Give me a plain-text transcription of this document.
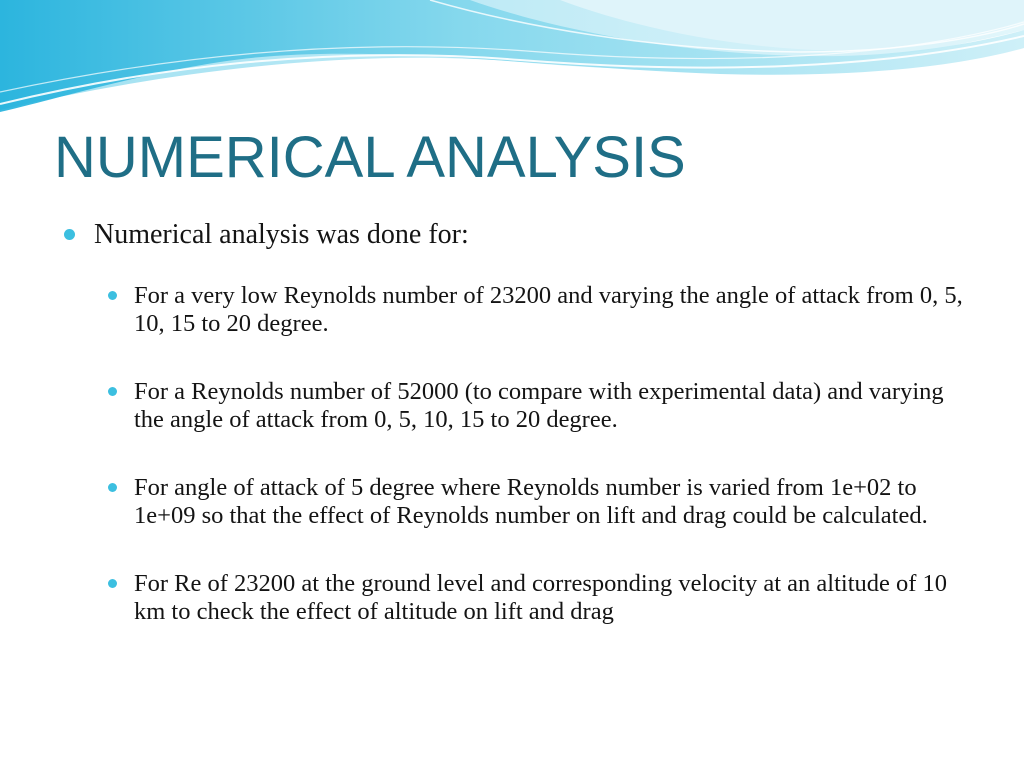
NUMERICAL ANALYSIS
Numerical analysis was done for:
For a very low Reynolds number of 23200 and varying the angle of attack from 0, 5, 10, 15 to 20 degree.
For a Reynolds number of 52000 (to compare with experimental data) and varying the angle of attack from 0, 5, 10, 15 to 20 degree.
For angle of attack of 5 degree where Reynolds number is varied from 1e+02 to 1e+09 so that the effect of Reynolds number on lift and drag could be calculated.
For Re of 23200 at the ground level and corresponding velocity at an altitude of 10 km to check the effect of altitude on lift and drag
